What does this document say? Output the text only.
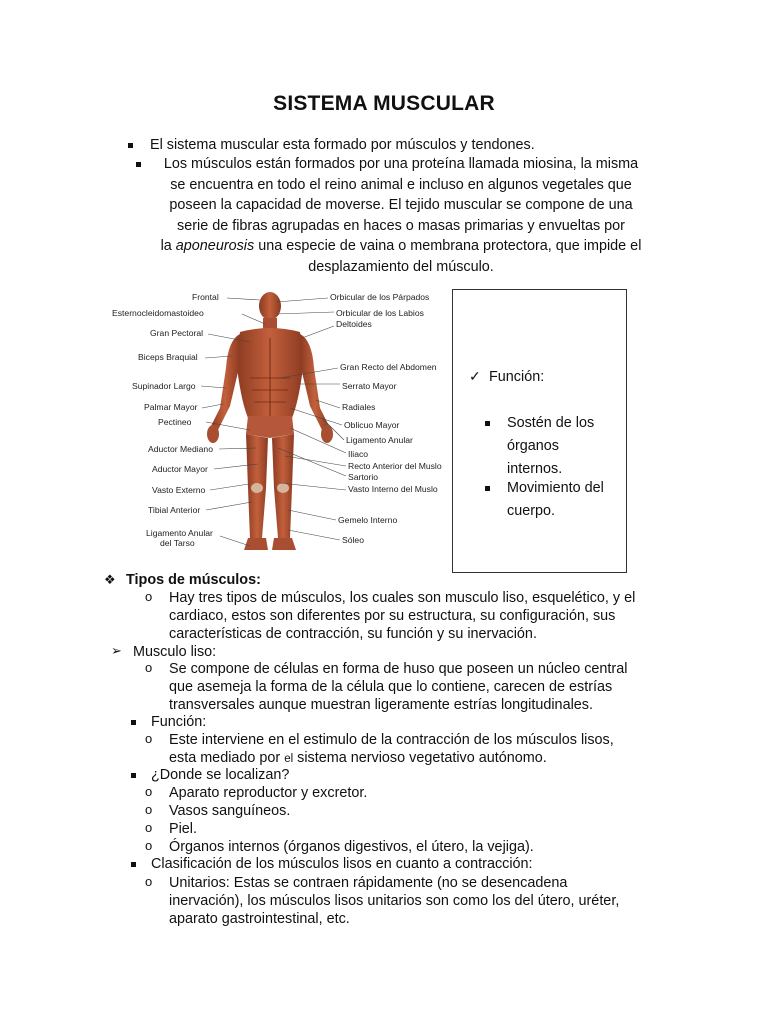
SISTEMA MUSCULAR
El sistema muscular esta formado por músculos y tendones.
Los músculos están formados por una proteína llamada miosina, la misma
se encuentra en todo el reino animal e incluso en algunos vegetales que
poseen la capacidad de moverse. El tejido muscular se compone de una
serie de fibras agrupadas en haces o masas primarias y envueltas por
la aponeurosis una especie de vaina o membrana protectora, que impide el
desplazamiento del músculo.
Frontal
Esternocleidomastoideo
Gran Pectoral
Biceps Braquial
Supinador Largo
Palmar Mayor
Pectineo
Aductor Mediano
Aductor Mayor
Vasto Externo
Tibial Anterior
Ligamento Anular
del Tarso
Orbicular de los Párpados
Orbicular de los Labios
Deltoides
Gran Recto del Abdomen
Serrato Mayor
Radiales
Oblicuo Mayor
Ligamento Anular
Iliaco
Recto Anterior del Muslo
Sartorio
Vasto Interno del Muslo
Gemelo Interno
Sóleo
✓ Función:
Sostén de los
órganos
internos.
Movimiento del
cuerpo.
❖ Tipos de músculos:
o Hay tres tipos de músculos, los cuales son musculo liso, esquelético, y el
cardiaco, estos son diferentes por su estructura, su configuración, sus
características de contracción, su función y su inervación.
➢ Musculo liso:
o Se compone de células en forma de huso que poseen un núcleo central
que asemeja la forma de la célula que lo contiene, carecen de estrías
transversales aunque muestran ligeramente estrías longitudinales.
Función:
o Este interviene en el estimulo de la contracción de los músculos lisos,
esta mediado por el sistema nervioso vegetativo autónomo.
¿Donde se localizan?
o Aparato reproductor y excretor.
o Vasos sanguíneos.
o Piel.
o Órganos internos (órganos digestivos, el útero, la vejiga).
Clasificación de los músculos lisos en cuanto a contracción:
o Unitarios: Estas se contraen rápidamente (no se desencadena
inervación), los músculos lisos unitarios son como los del útero, uréter,
aparato gastrointestinal, etc.
